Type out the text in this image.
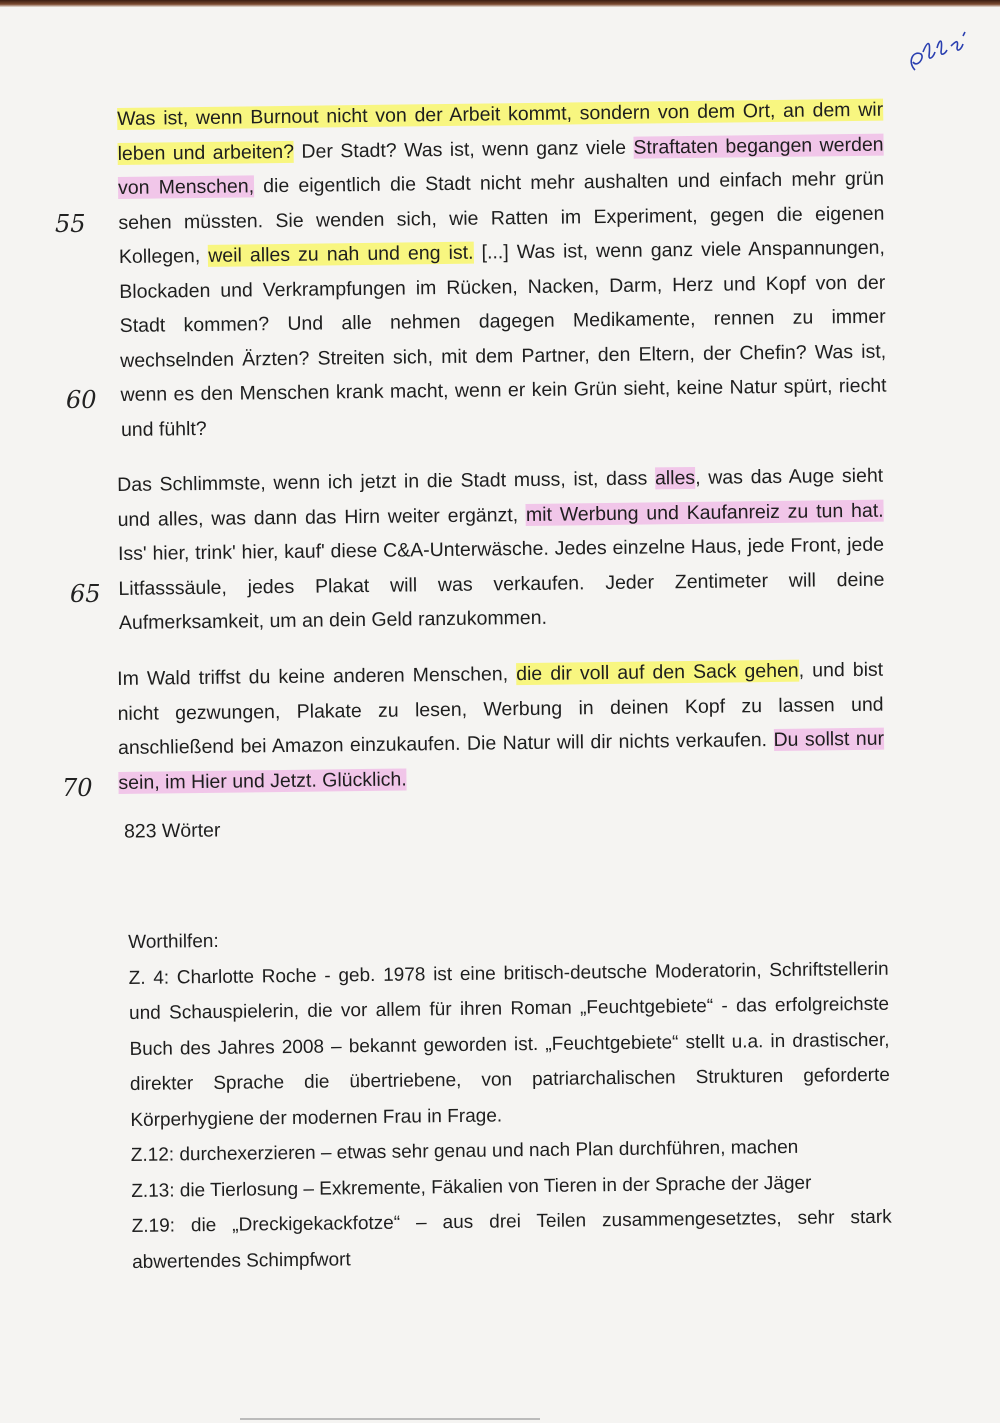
55
60
65
70
Was ist, wenn Burnout nicht von der Arbeit kommt, sondern von dem Ort, an dem wir leben und arbeiten? Der Stadt? Was ist, wenn ganz viele Straftaten begangen werden von Menschen, die eigentlich die Stadt nicht mehr aushalten und einfach mehr grün sehen müssten. Sie wenden sich, wie Ratten im Experiment, gegen die eigenen Kollegen, weil alles zu nah und eng ist. [...] Was ist, wenn ganz viele Anspannungen, Blockaden und Verkrampfungen im Rücken, Nacken, Darm, Herz und Kopf von der Stadt kommen? Und alle nehmen dagegen Medikamente, rennen zu immer wechselnden Ärzten? Streiten sich, mit dem Partner, den Eltern, der Chefin? Was ist, wenn es den Menschen krank macht, wenn er kein Grün sieht, keine Natur spürt, riecht und fühlt?
Das Schlimmste, wenn ich jetzt in die Stadt muss, ist, dass alles, was das Auge sieht und alles, was dann das Hirn weiter ergänzt, mit Werbung und Kaufanreiz zu tun hat. Iss' hier, trink' hier, kauf' diese C&A-Unterwäsche. Jedes einzelne Haus, jede Front, jede Litfasssäule, jedes Plakat will was verkaufen. Jeder Zentimeter will deine Aufmerksamkeit, um an dein Geld ranzukommen.
Im Wald triffst du keine anderen Menschen, die dir voll auf den Sack gehen, und bist nicht gezwungen, Plakate zu lesen, Werbung in deinen Kopf zu lassen und anschließend bei Amazon einzukaufen. Die Natur will dir nichts verkaufen. Du sollst nur sein, im Hier und Jetzt. Glücklich.
823 Wörter

Worthilfen:

Z. 4: Charlotte Roche - geb. 1978 ist eine britisch-deutsche Moderatorin, Schriftstellerin und Schauspielerin, die vor allem für ihren Roman „Feuchtgebiete“ - das erfolgreichste Buch des Jahres 2008 – bekannt geworden ist. „Feuchtgebiete“ stellt u.a. in drastischer, direkter Sprache die übertriebene, von patriarchalischen Strukturen geforderte Körperhygiene der modernen Frau in Frage.

Z.12: durchexerzieren – etwas sehr genau und nach Plan durchführen, machen

Z.13: die Tierlosung – Exkremente, Fäkalien von Tieren in der Sprache der Jäger

Z.19: die „Dreckigekackfotze“ – aus drei Teilen zusammengesetztes, sehr stark abwertendes Schimpfwort
